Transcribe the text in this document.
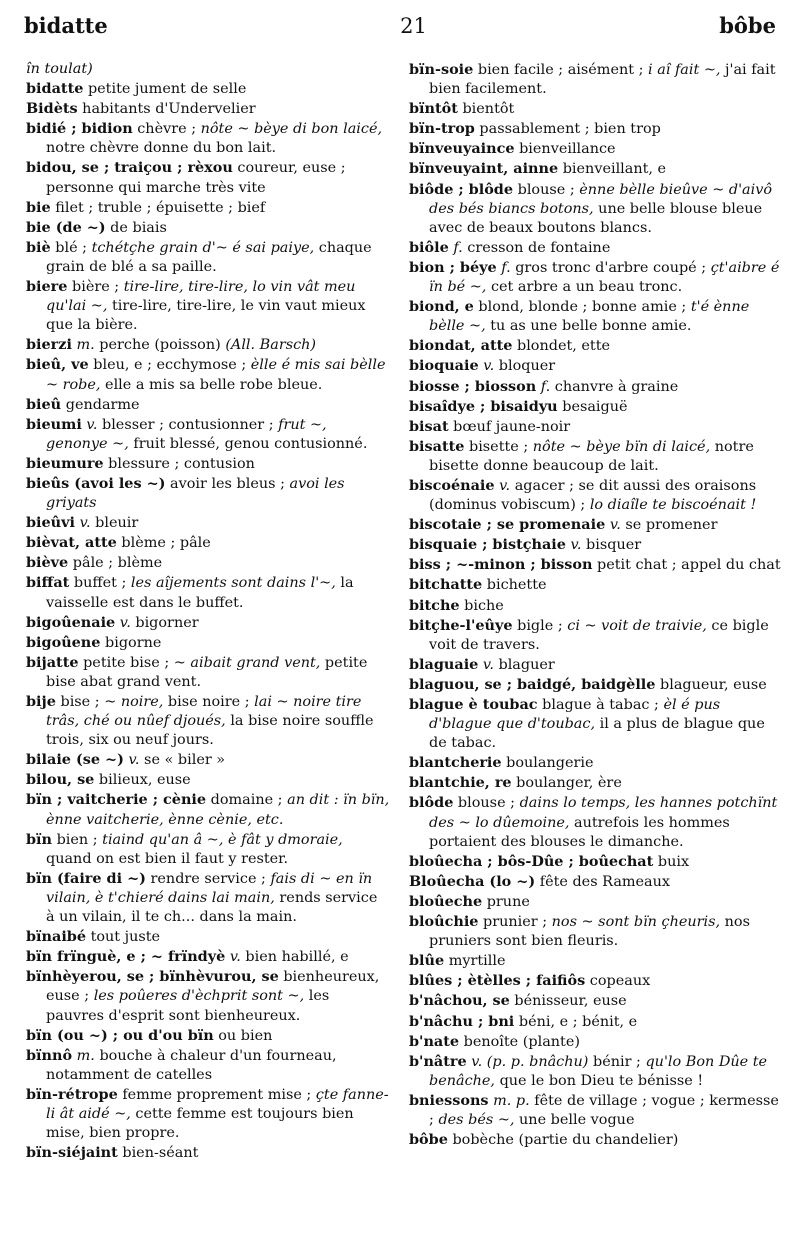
bidatte	21	bôbe

în toulat)

bidatte petite jument de selle

Bidèts habitants d'Undervelier

bidié ; bidion chèvre ; nôte ~ bèye di bon laicé, notre chèvre donne du bon lait.

bidou, se ; traiçou ; rèxou coureur, euse ; personne qui marche très vite

bie filet ; truble ; épuisette ; bief

bie (de ~) de biais

biè blé ; tchétçhe grain d'~ é sai paiye, chaque grain de blé a sa paille.

biere bière ; tire-lire, tire-lire, lo vin vât meu qu'lai ~, tire-lire, tire-lire, le vin vaut mieux que la bière.

bierzi m. perche (poisson) (All. Barsch)

bieû, ve bleu, e ; ecchymose ; èlle é mis sai bèlle ~ robe, elle a mis sa belle robe bleue.

bieû gendarme

bieumi v. blesser ; contusionner ; frut ~, genonye ~, fruit blessé, genou contusionné.

bieumure blessure ; contusion

bieûs (avoi les ~) avoir les bleus ; avoi les griyats

bieûvi v. bleuir

bièvat, atte blème ; pâle

biève pâle ; blème

biffat buffet ; les aîjements sont dains l'~, la vaisselle est dans le buffet.

bigoûenaie v. bigorner

bigoûene bigorne

bijatte petite bise ; ~ aibait grand vent, petite bise abat grand vent.

bije bise ; ~ noire, bise noire ; lai ~ noire tire trâs, ché ou nûef djoués, la bise noire souffle trois, six ou neuf jours.

bilaie (se ~) v. se « biler »

bilou, se bilieux, euse

bïn ; vaitcherie ; cènie domaine ; an dit : ïn bïn, ènne vaitcherie, ènne cènie, etc.

bïn bien ; tiaind qu'an â ~, è fât y dmoraie, quand on est bien il faut y rester.

bïn (faire di ~) rendre service ; fais di ~ en ïn vilain, è t'chieré dains lai main, rends service à un vilain, il te ch... dans la main.

bïnaibé tout juste

bïn frïnguè, e ; ~ frïndyè v. bien habillé, e

bïnhèyerou, se ; bïnhèvurou, se bienheureux, euse ; les poûeres d'èchprit sont ~, les pauvres d'esprit sont bienheureux.

bïn (ou ~) ; ou d'ou bïn ou bien

bïnnô m. bouche à chaleur d'un fourneau, notamment de catelles

bïn-rétrope femme proprement mise ; çte fanne-li ât aidé ~, cette femme est toujours bien mise, bien propre.

bïn-siéjaint bien-séant

bïn-soie bien facile ; aisément ; i aî fait ~, j'ai fait bien facilement.

bïntôt bientôt

bïn-trop passablement ; bien trop

bïnveuyaince bienveillance

bïnveuyaint, ainne bienveillant, e

biôde ; blôde blouse ; ènne bèlle bieûve ~ d'aivô des bés biancs botons, une belle blouse bleue avec de beaux boutons blancs.

biôle f. cresson de fontaine

bion ; béye f. gros tronc d'arbre coupé ; çt'aibre é ïn bé ~, cet arbre a un beau tronc.

biond, e blond, blonde ; bonne amie ; t'é ènne bèlle ~, tu as une belle bonne amie.

biondat, atte blondet, ette

bioquaie v. bloquer

biosse ; biosson f. chanvre à graine

bisaîdye ; bisaidyu besaiguë

bisat bœuf jaune-noir

bisatte bisette ; nôte ~ bèye bïn di laicé, notre bisette donne beaucoup de lait.

biscoénaie v. agacer ; se dit aussi des oraisons (dominus vobiscum) ; lo diaîle te biscoénait !

biscotaie ; se promenaie v. se promener

bisquaie ; bistçhaie v. bisquer

biss ; ~-minon ; bisson petit chat ; appel du chat

bitchatte bichette

bitche biche

bitçhe-l'eûye bigle ; ci ~ voit de traivie, ce bigle voit de travers.

blaguaie v. blaguer

blaguou, se ; baidgé, baidgèlle blagueur, euse

blague è toubac blague à tabac ; èl é pus d'blague que d'toubac, il a plus de blague que de tabac.

blantcherie boulangerie

blantchie, re boulanger, ère

blôde blouse ; dains lo temps, les hannes potchïnt des ~ lo dûemoine, autrefois les hommes portaient des blouses le dimanche.

bloûecha ; bôs-Dûe ; boûechat buix

Bloûecha (lo ~) fête des Rameaux

bloûeche prune

bloûchie prunier ; nos ~ sont bïn çheuris, nos pruniers sont bien fleuris.

blûe myrtille

blûes ; ètèlles ; faifiôs copeaux

b'nâchou, se bénisseur, euse

b'nâchu ; bni béni, e ; bénit, e

b'nate benoîte (plante)

b'nâtre v. (p. p. bnâchu) bénir ; qu'lo Bon Dûe te benâche, que le bon Dieu te bénisse !

bniessons m. p. fête de village ; vogue ; kermesse ; des bés ~, une belle vogue

bôbe bobèche (partie du chandelier)
